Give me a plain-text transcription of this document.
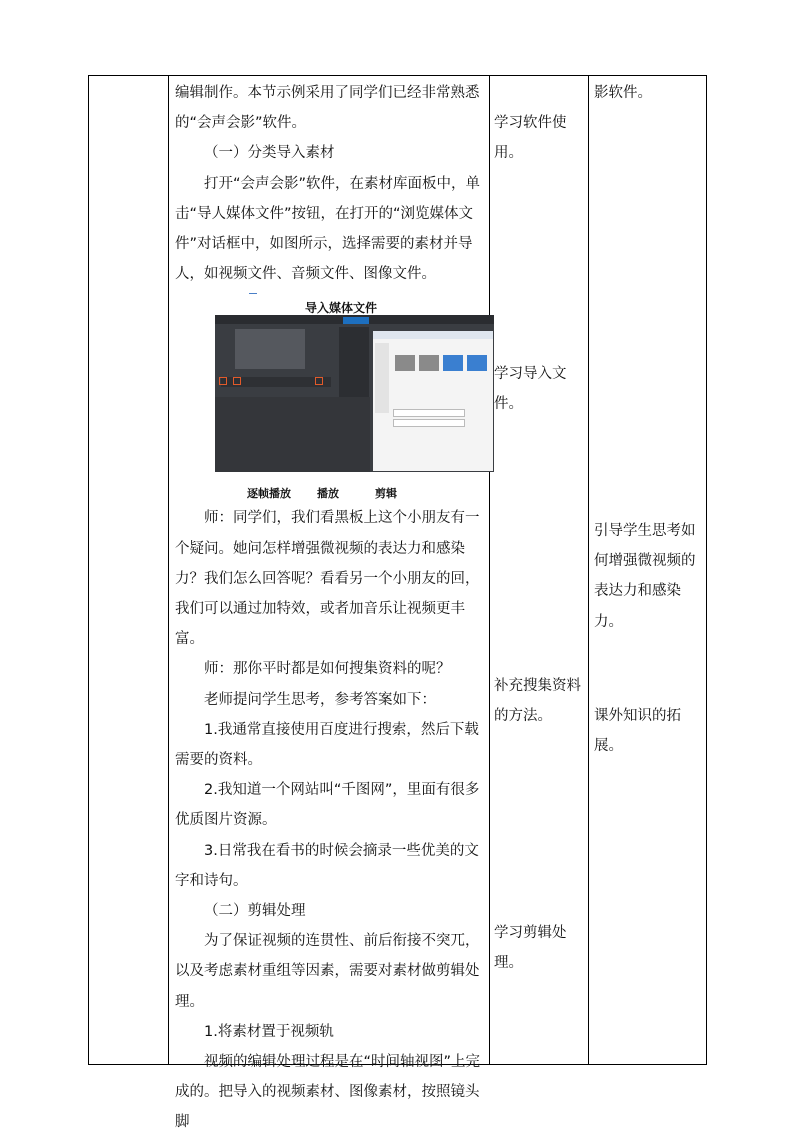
编辑制作。本节示例采用了同学们已经非常熟悉的“会声会影”软件。

（一）分类导入素材

打开“会声会影”软件，在素材库面板中，单击“导人媒体文件”按钮，在打开的“浏览媒体文件”对话框中，如图所示，选择需要的素材并导人，如视频文件、音频文件、图像文件。

导入媒体文件
逐帧播放 播放	剪辑

师：同学们，我们看黑板上这个小朋友有一个疑问。她问怎样增强微视频的表达力和感染力？我们怎么回答呢？看看另一个小朋友的回，我们可以通过加特效，或者加音乐让视频更丰富。

师：那你平时都是如何搜集资料的呢？

老师提问学生思考，参考答案如下：

1.我通常直接使用百度进行搜索，然后下载需要的资料。

2.我知道一个网站叫“千图网”，里面有很多优质图片资源。

3.日常我在看书的时候会摘录一些优美的文字和诗句。

（二）剪辑处理

为了保证视频的连贯性、前后衔接不突兀，以及考虑素材重组等因素，需要对素材做剪辑处理。

1.将素材置于视频轨

视频的编辑处理过程是在“时间轴视图”上完成的。把导入的视频素材、图像素材，按照镜头脚

学习软件使用。
学习导入文件。
补充搜集资料的方法。
学习剪辑处理。
影软件。
引导学生思考如何增强微视频的表达力和感染力。
课外知识的拓展。
